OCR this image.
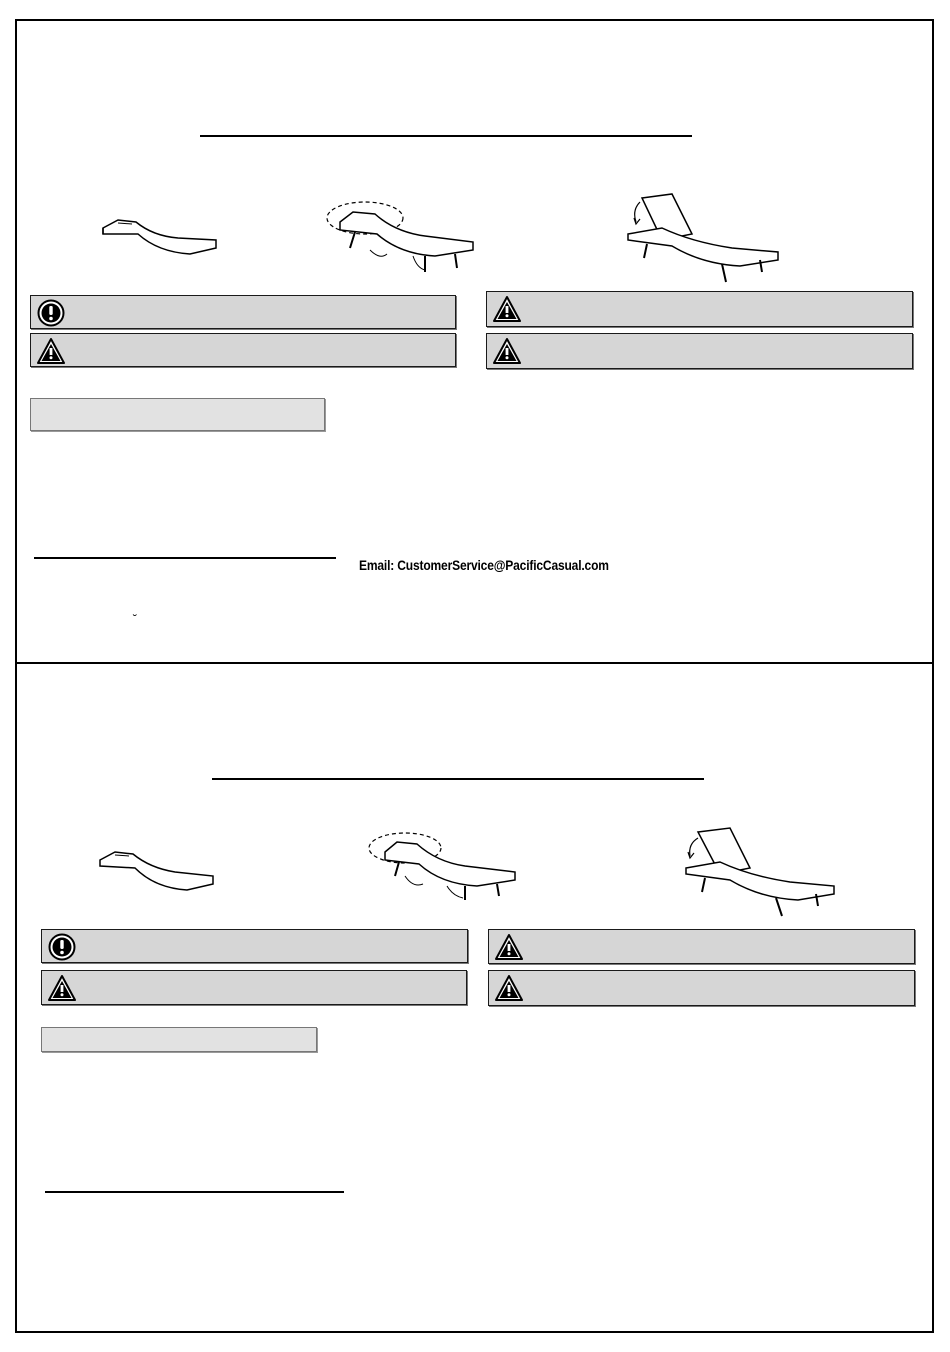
Email: CustomerService@PacificCasual.com
˘
